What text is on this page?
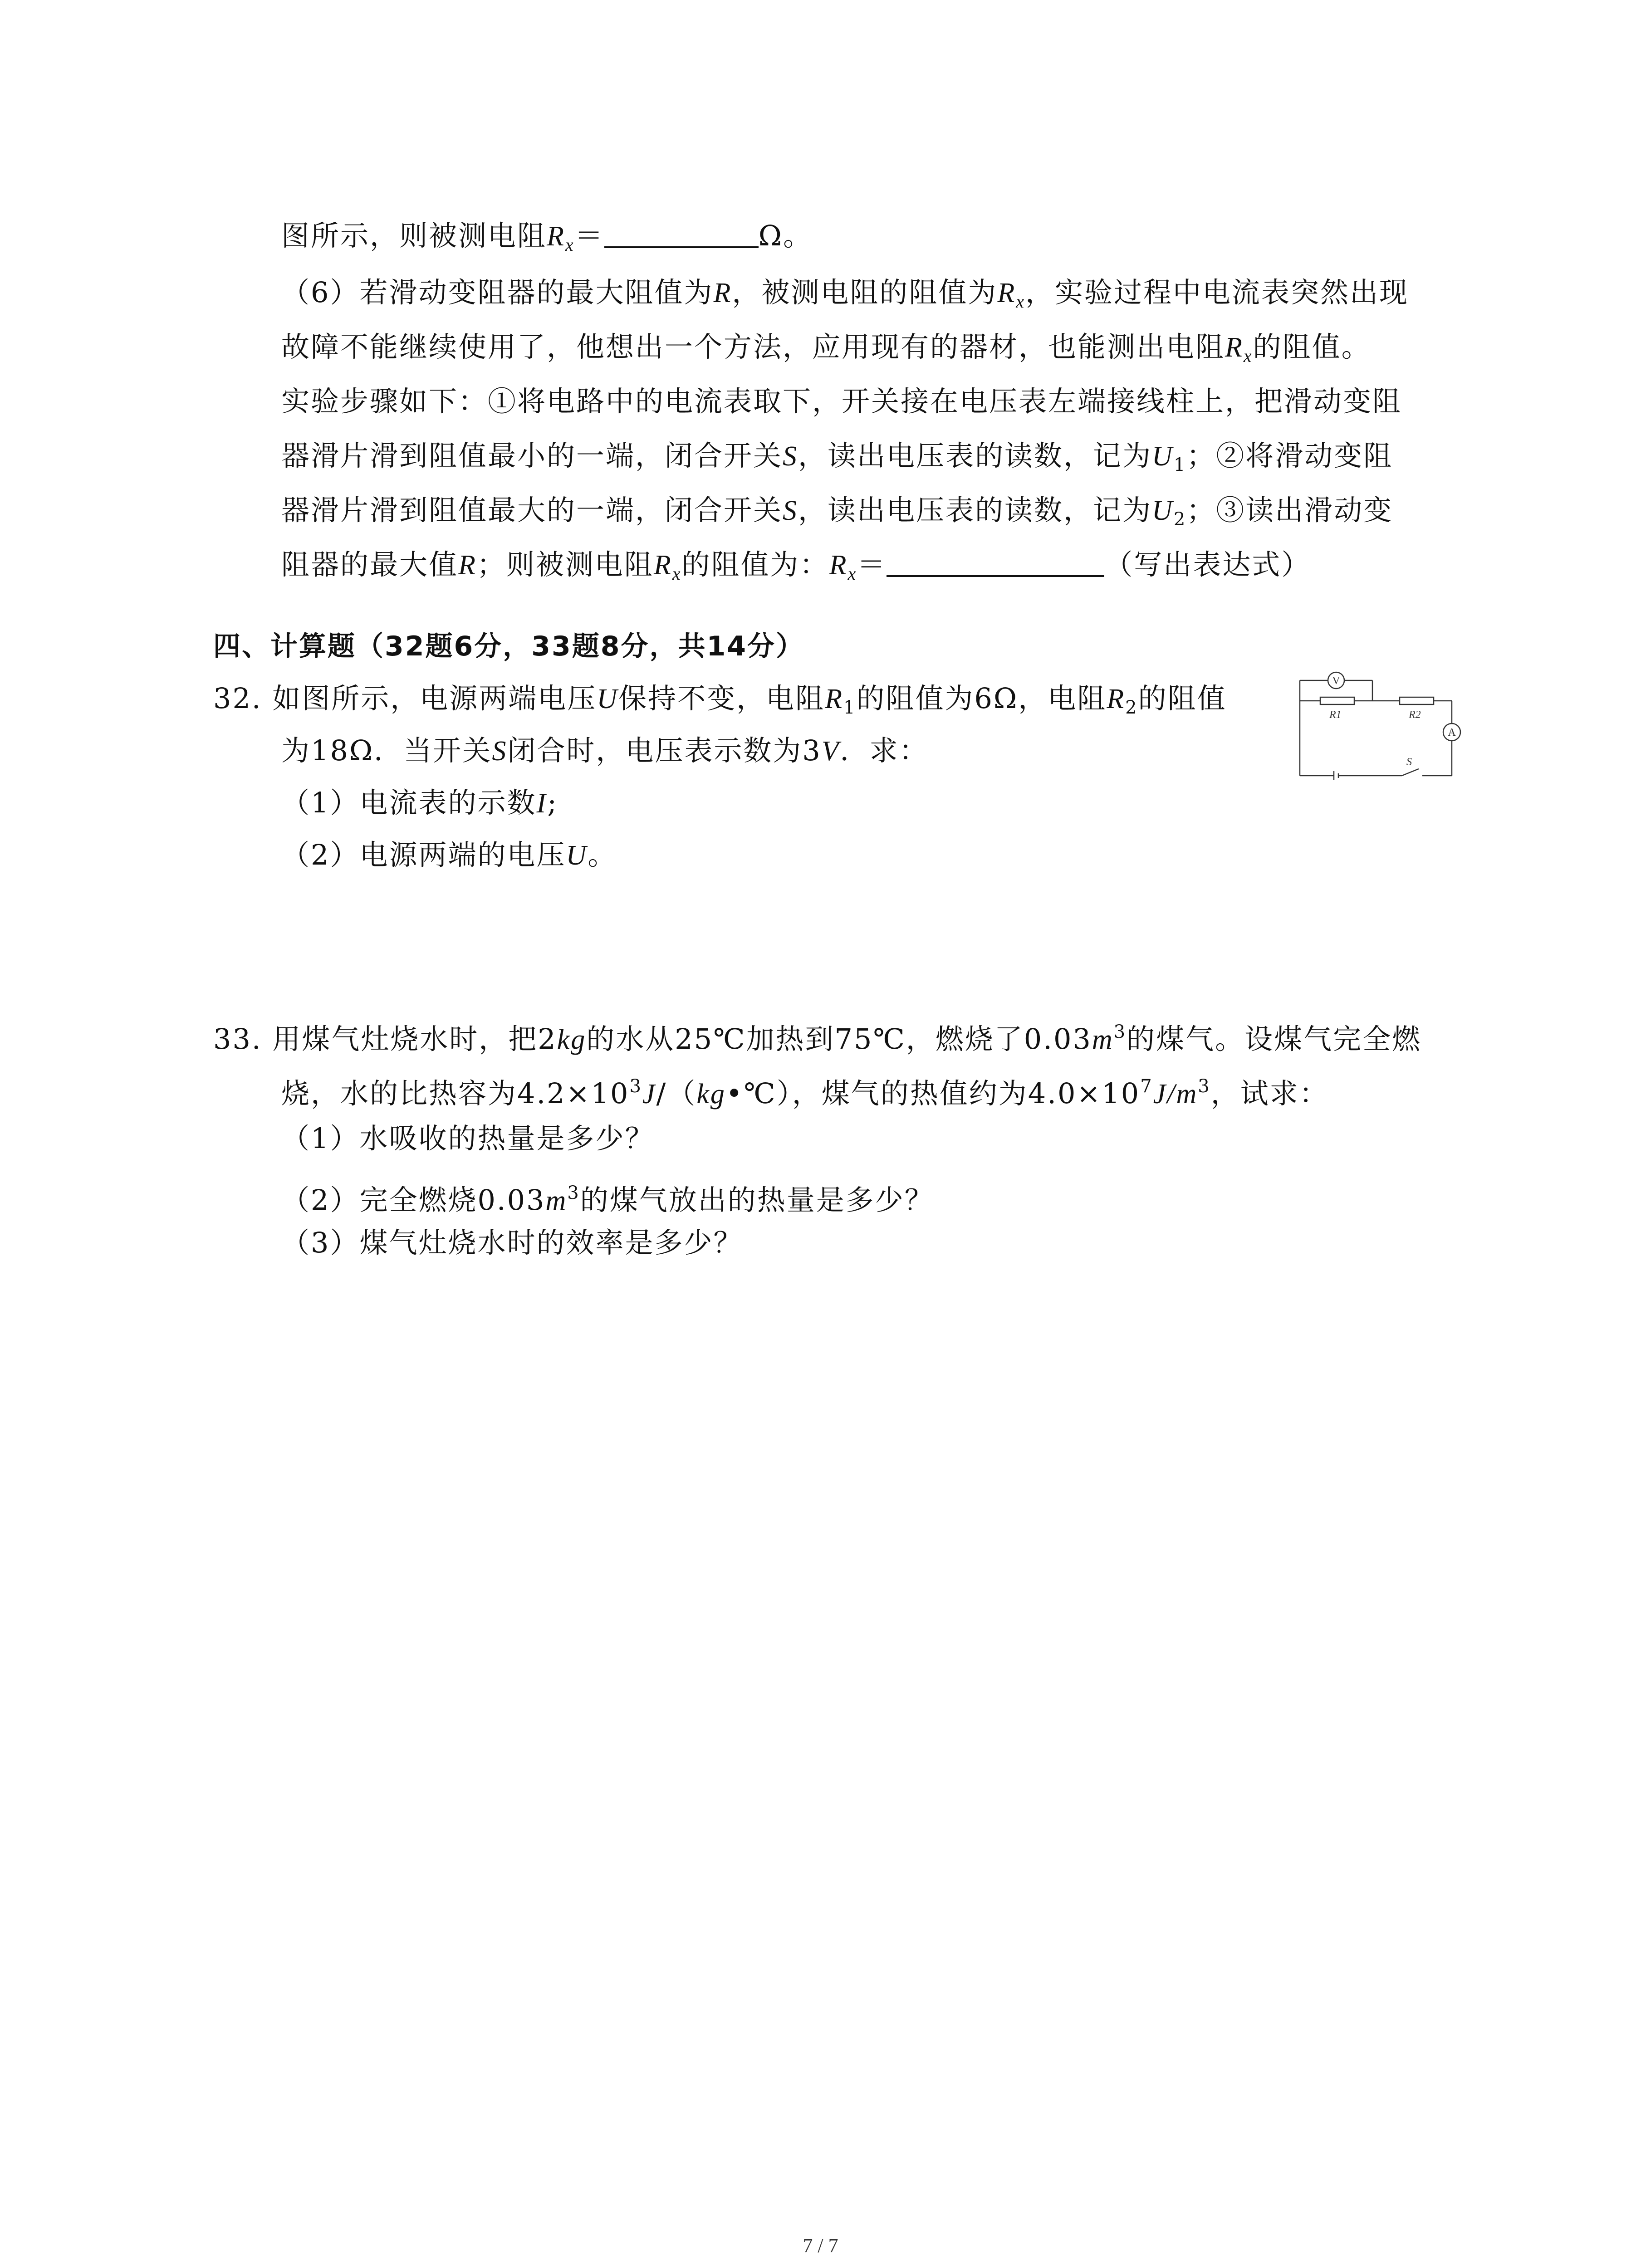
图所示，则被测电阻$R_x=$	Ω。
（6）若滑动变阻器的最大阻值为R，被测电阻的阻值为$R_x$，实验过程中电流表突然出现
故障不能继续使用了，他想出一个方法，应用现有的器材，也能测出电阻$R_x$的阻值。
实验步骤如下：①将电路中的电流表取下，开关接在电压表左端接线柱上，把滑动变阻
器滑片滑到阻值最小的一端，闭合开关S，读出电压表的读数，记为$U_1$；②将滑动变阻
器滑片滑到阻值最大的一端，闭合开关S，读出电压表的读数，记为$U_2$；③读出滑动变
阻器的最大值R；则被测电阻$R_x$的阻值为：$R_x=$	（写出表达式）
四、计算题（32题6分，33题8分，共14分）
32. 如图所示，电源两端电压U保持不变，电阻$R_1$的阻值为6Ω，电阻$R_2$的阻值
为18Ω．当开关S闭合时，电压表示数为3V．求：
（1）电流表的示数I;
（2）电源两端的电压U。
V
A
R1	R2
S
33. 用煤气灶烧水时，把2kg的水从25℃加热到75℃，燃烧了$0.03m^3$的煤气。设煤气完全燃
烧，水的比热容为$4.2\times 10^3J/(kg•℃)$，煤气的热值约为$4.0\times 10^7J/m^3$，试求：
（1）水吸收的热量是多少？
（2）完全燃烧$0.03m^3$的煤气放出的热量是多少？
（3）煤气灶烧水时的效率是多少？
7 / 7
